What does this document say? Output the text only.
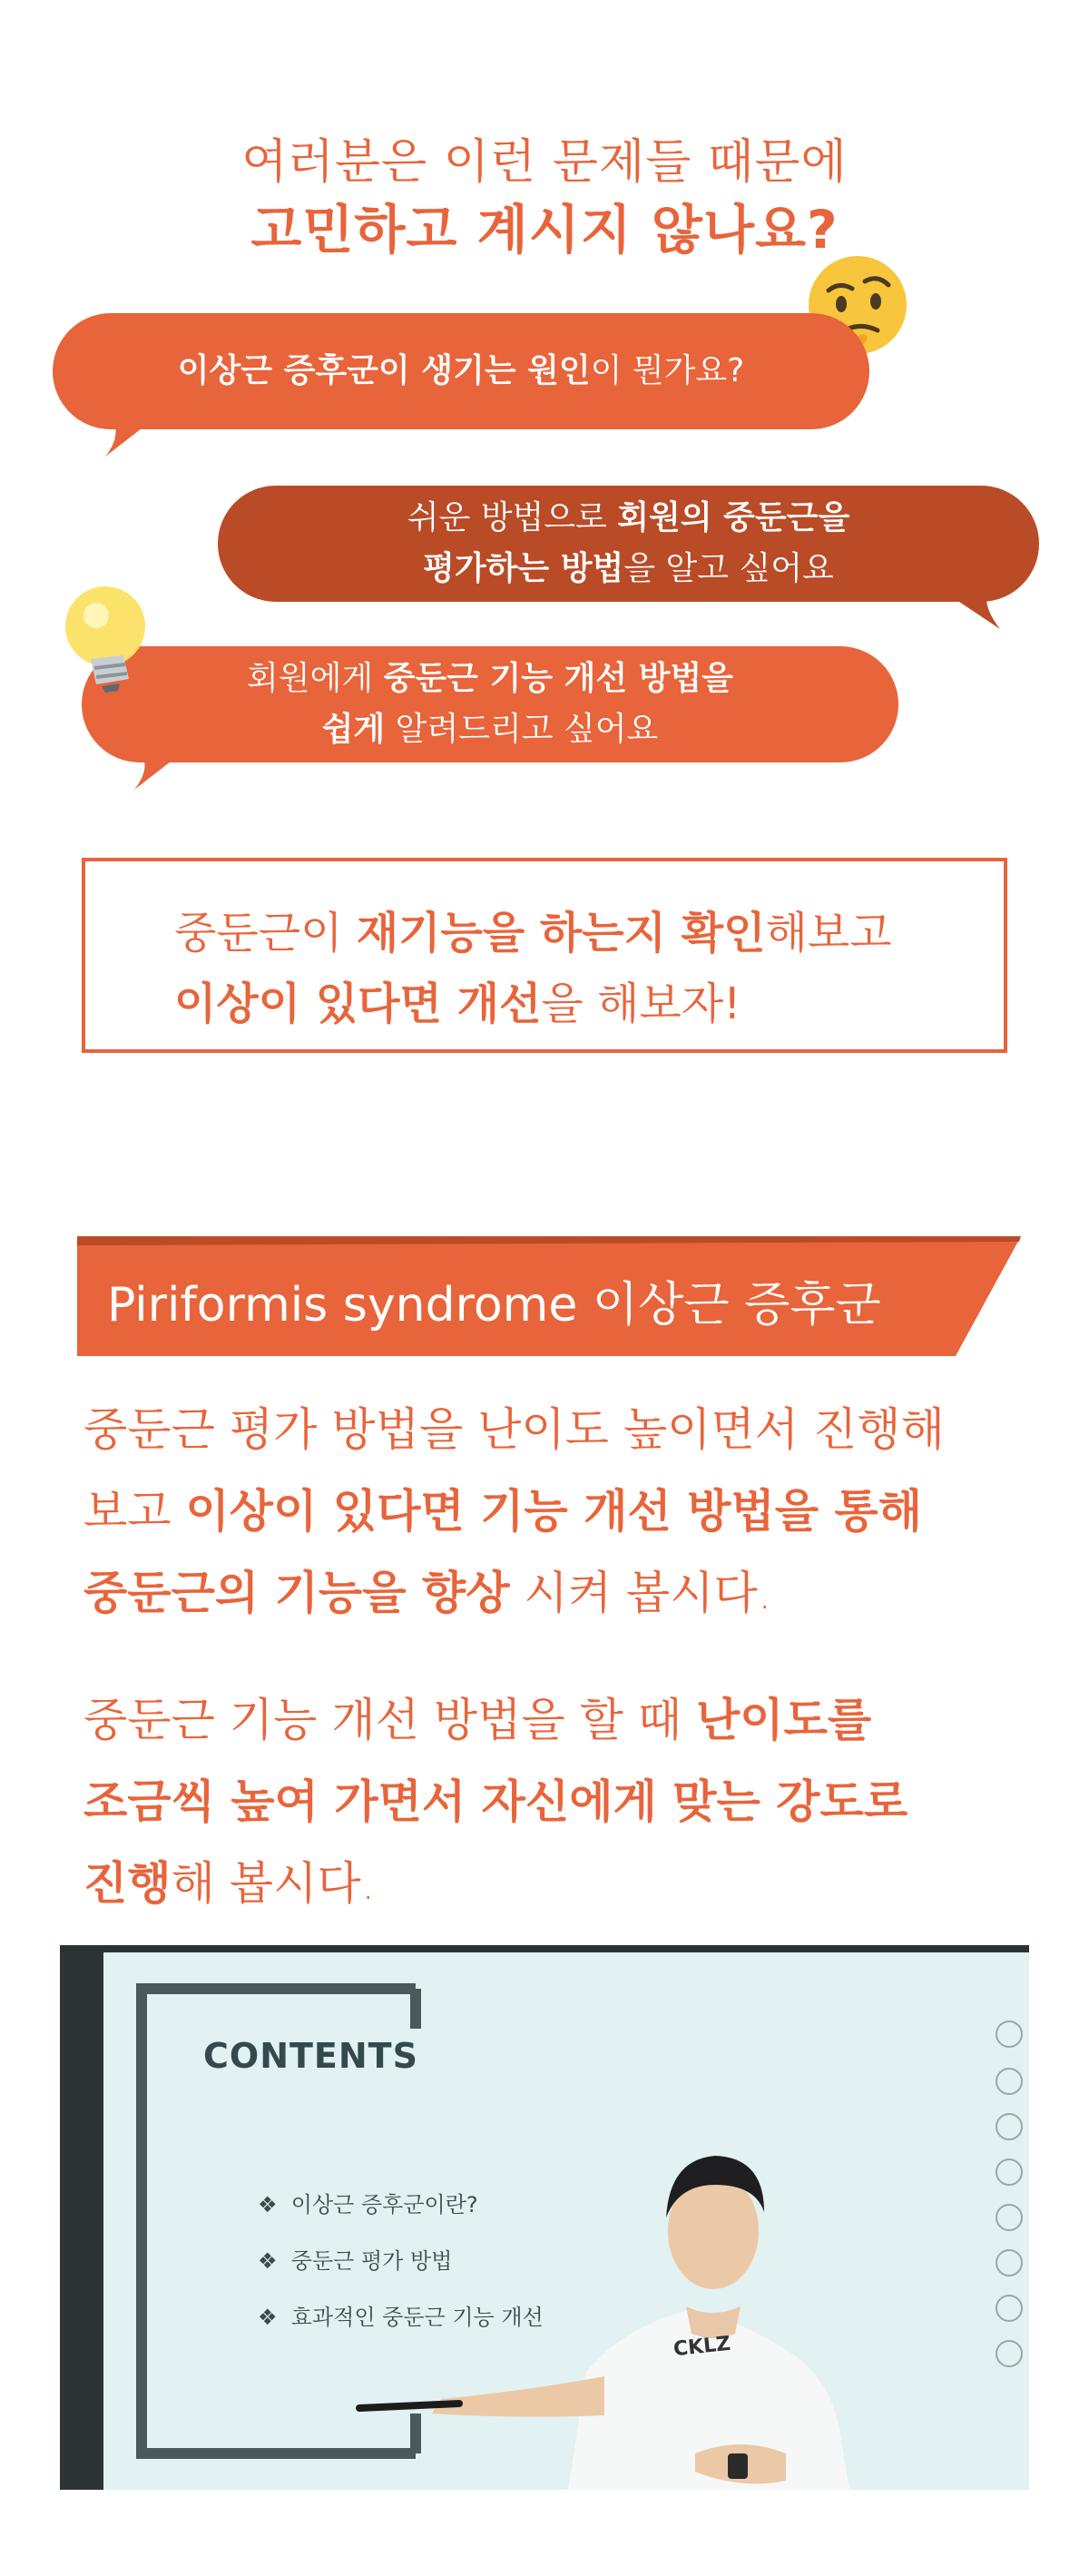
여러분은 이런 문제들 때문에
고민하고 계시지 않나요?
이상근 증후군이 생기는 원인이 뭔가요?
쉬운 방법으로 회원의 중둔근을
평가하는 방법을 알고 싶어요
회원에게 중둔근 기능 개선 방법을
쉽게 알려드리고 싶어요

중둔근이 재기능을 하는지 확인해보고

이상이 있다면 개선을 해보자!

Piriformis syndrome 이상근 증후군
중둔근 평가 방법을 난이도 높이면서 진행해
보고 이상이 있다면 기능 개선 방법을 통해
중둔근의 기능을 향상 시켜 봅시다.
중둔근 기능 개선 방법을 할 때 난이도를
조금씩 높여 가면서 자신에게 맞는 강도로
진행해 봅시다.
CONTENTS
❖  이상근 증후군이란?
❖  중둔근 평가 방법
❖  효과적인 중둔근 기능 개선
CKLZ
